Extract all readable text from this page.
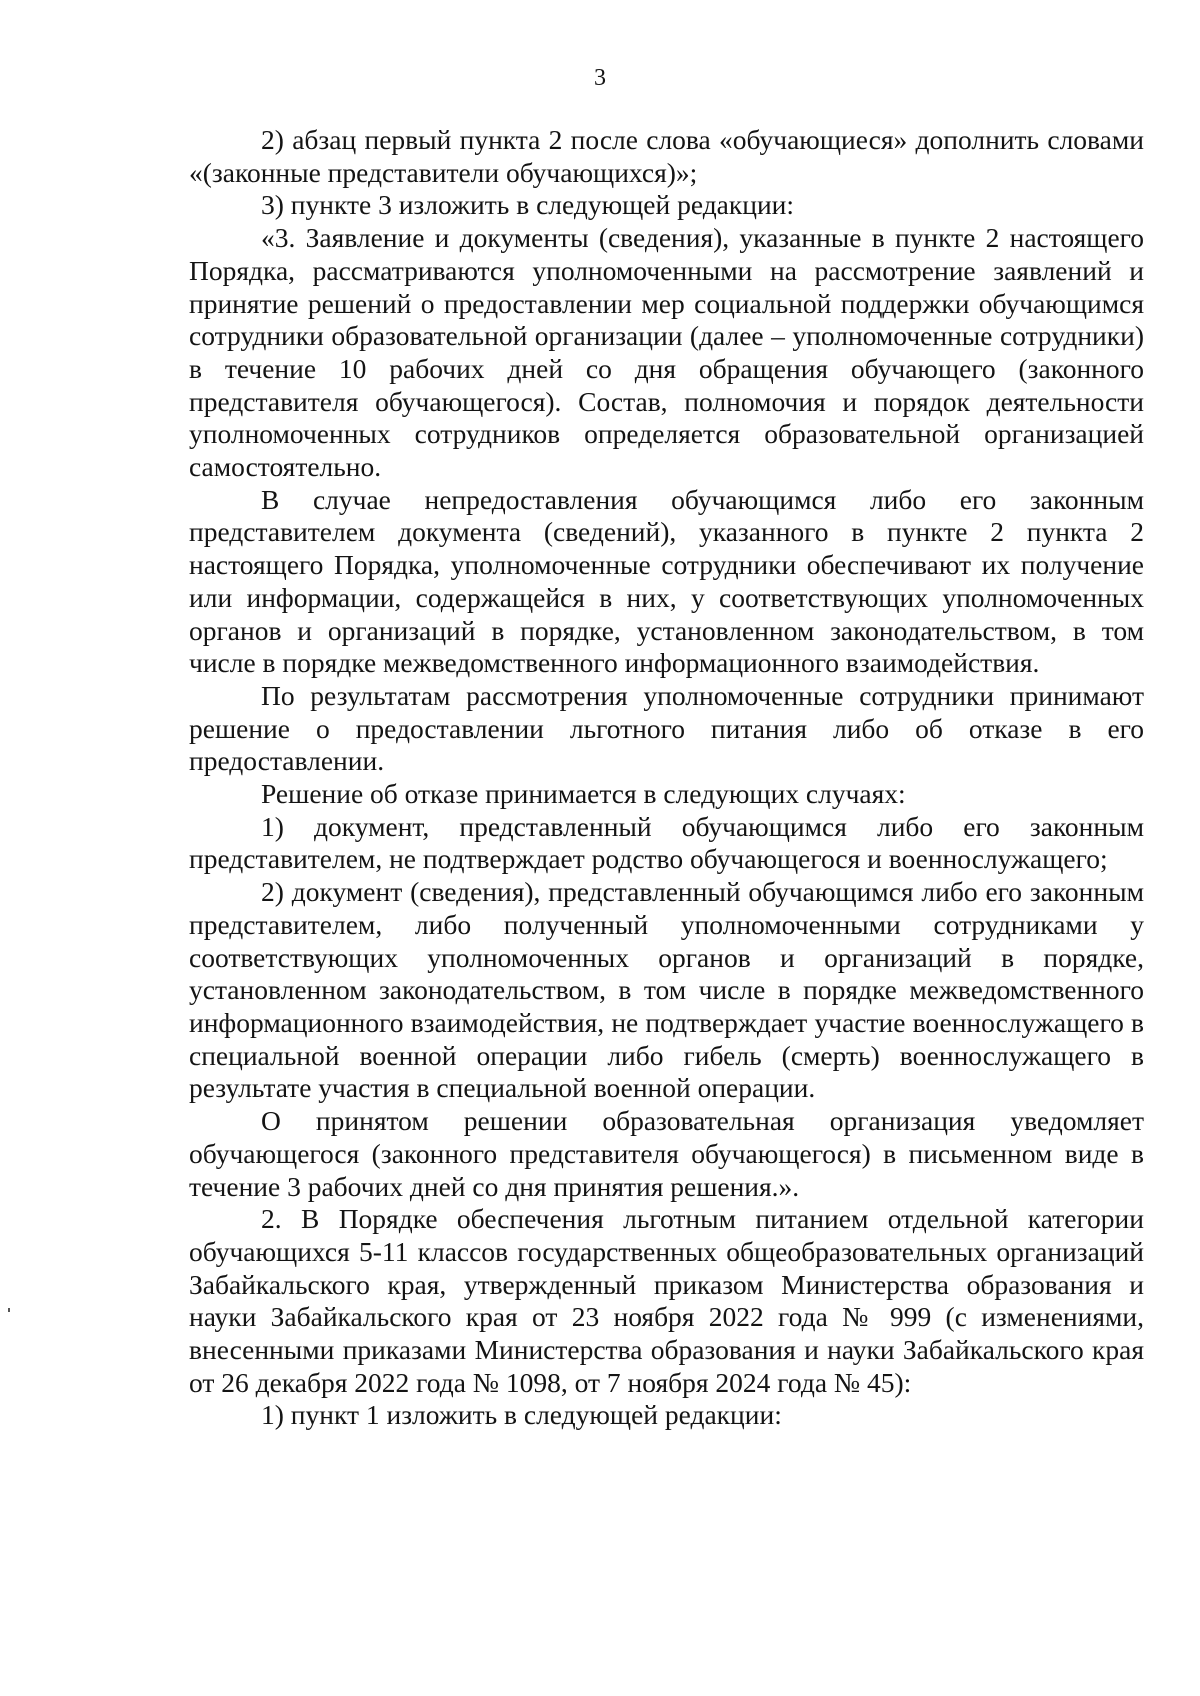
3

2) абзац первый пункта 2 после слова «обучающиеся» дополнить словами «(законные представители обучающихся)»;

3) пункте 3 изложить в следующей редакции:

«3. Заявление и документы (сведения), указанные в пункте 2 настоящего Порядка, рассматриваются уполномоченными на рассмотрение заявлений и принятие решений о предоставлении мер социальной поддержки обучающимся сотрудники образовательной организации (далее – уполномоченные сотрудники) в течение 10 рабочих дней со дня обращения обучающего (законного представителя обучающегося). Состав, полномочия и порядок деятельности уполномоченных сотрудников определяется образовательной организацией самостоятельно.

В случае непредоставления обучающимся либо его законным представителем документа (сведений), указанного в пункте 2 пункта 2 настоящего Порядка, уполномоченные сотрудники обеспечивают их получение или информации, содержащейся в них, у соответствующих уполномоченных органов и организаций в порядке, установленном законодательством, в том числе в порядке межведомственного информационного взаимодействия.

По результатам рассмотрения уполномоченные сотрудники принимают решение о предоставлении льготного питания либо об отказе в его предоставлении.

Решение об отказе принимается в следующих случаях:

1) документ, представленный обучающимся либо его законным представителем, не подтверждает родство обучающегося и военнослужащего;

2) документ (сведения), представленный обучающимся либо его законным представителем, либо полученный уполномоченными сотрудниками у соответствующих уполномоченных органов и организаций в порядке, установленном законодательством, в том числе в порядке межведомственного информационного взаимодействия, не подтверждает участие военнослужащего в специальной военной операции либо гибель (смерть) военнослужащего в результате участия в специальной военной операции.

О принятом решении образовательная организация уведомляет обучающегося (законного представителя обучающегося) в письменном виде в течение 3 рабочих дней со дня принятия решения.».

2. В Порядке обеспечения льготным питанием отдельной категории обучающихся 5-11 классов государственных общеобразовательных организаций Забайкальского края, утвержденный приказом Министерства образования и науки Забайкальского края от 23 ноября 2022 года № 999 (с изменениями, внесенными приказами Министерства образования и науки Забайкальского края от 26 декабря 2022 года № 1098, от 7 ноября 2024 года № 45):

1) пункт 1 изложить в следующей редакции:
